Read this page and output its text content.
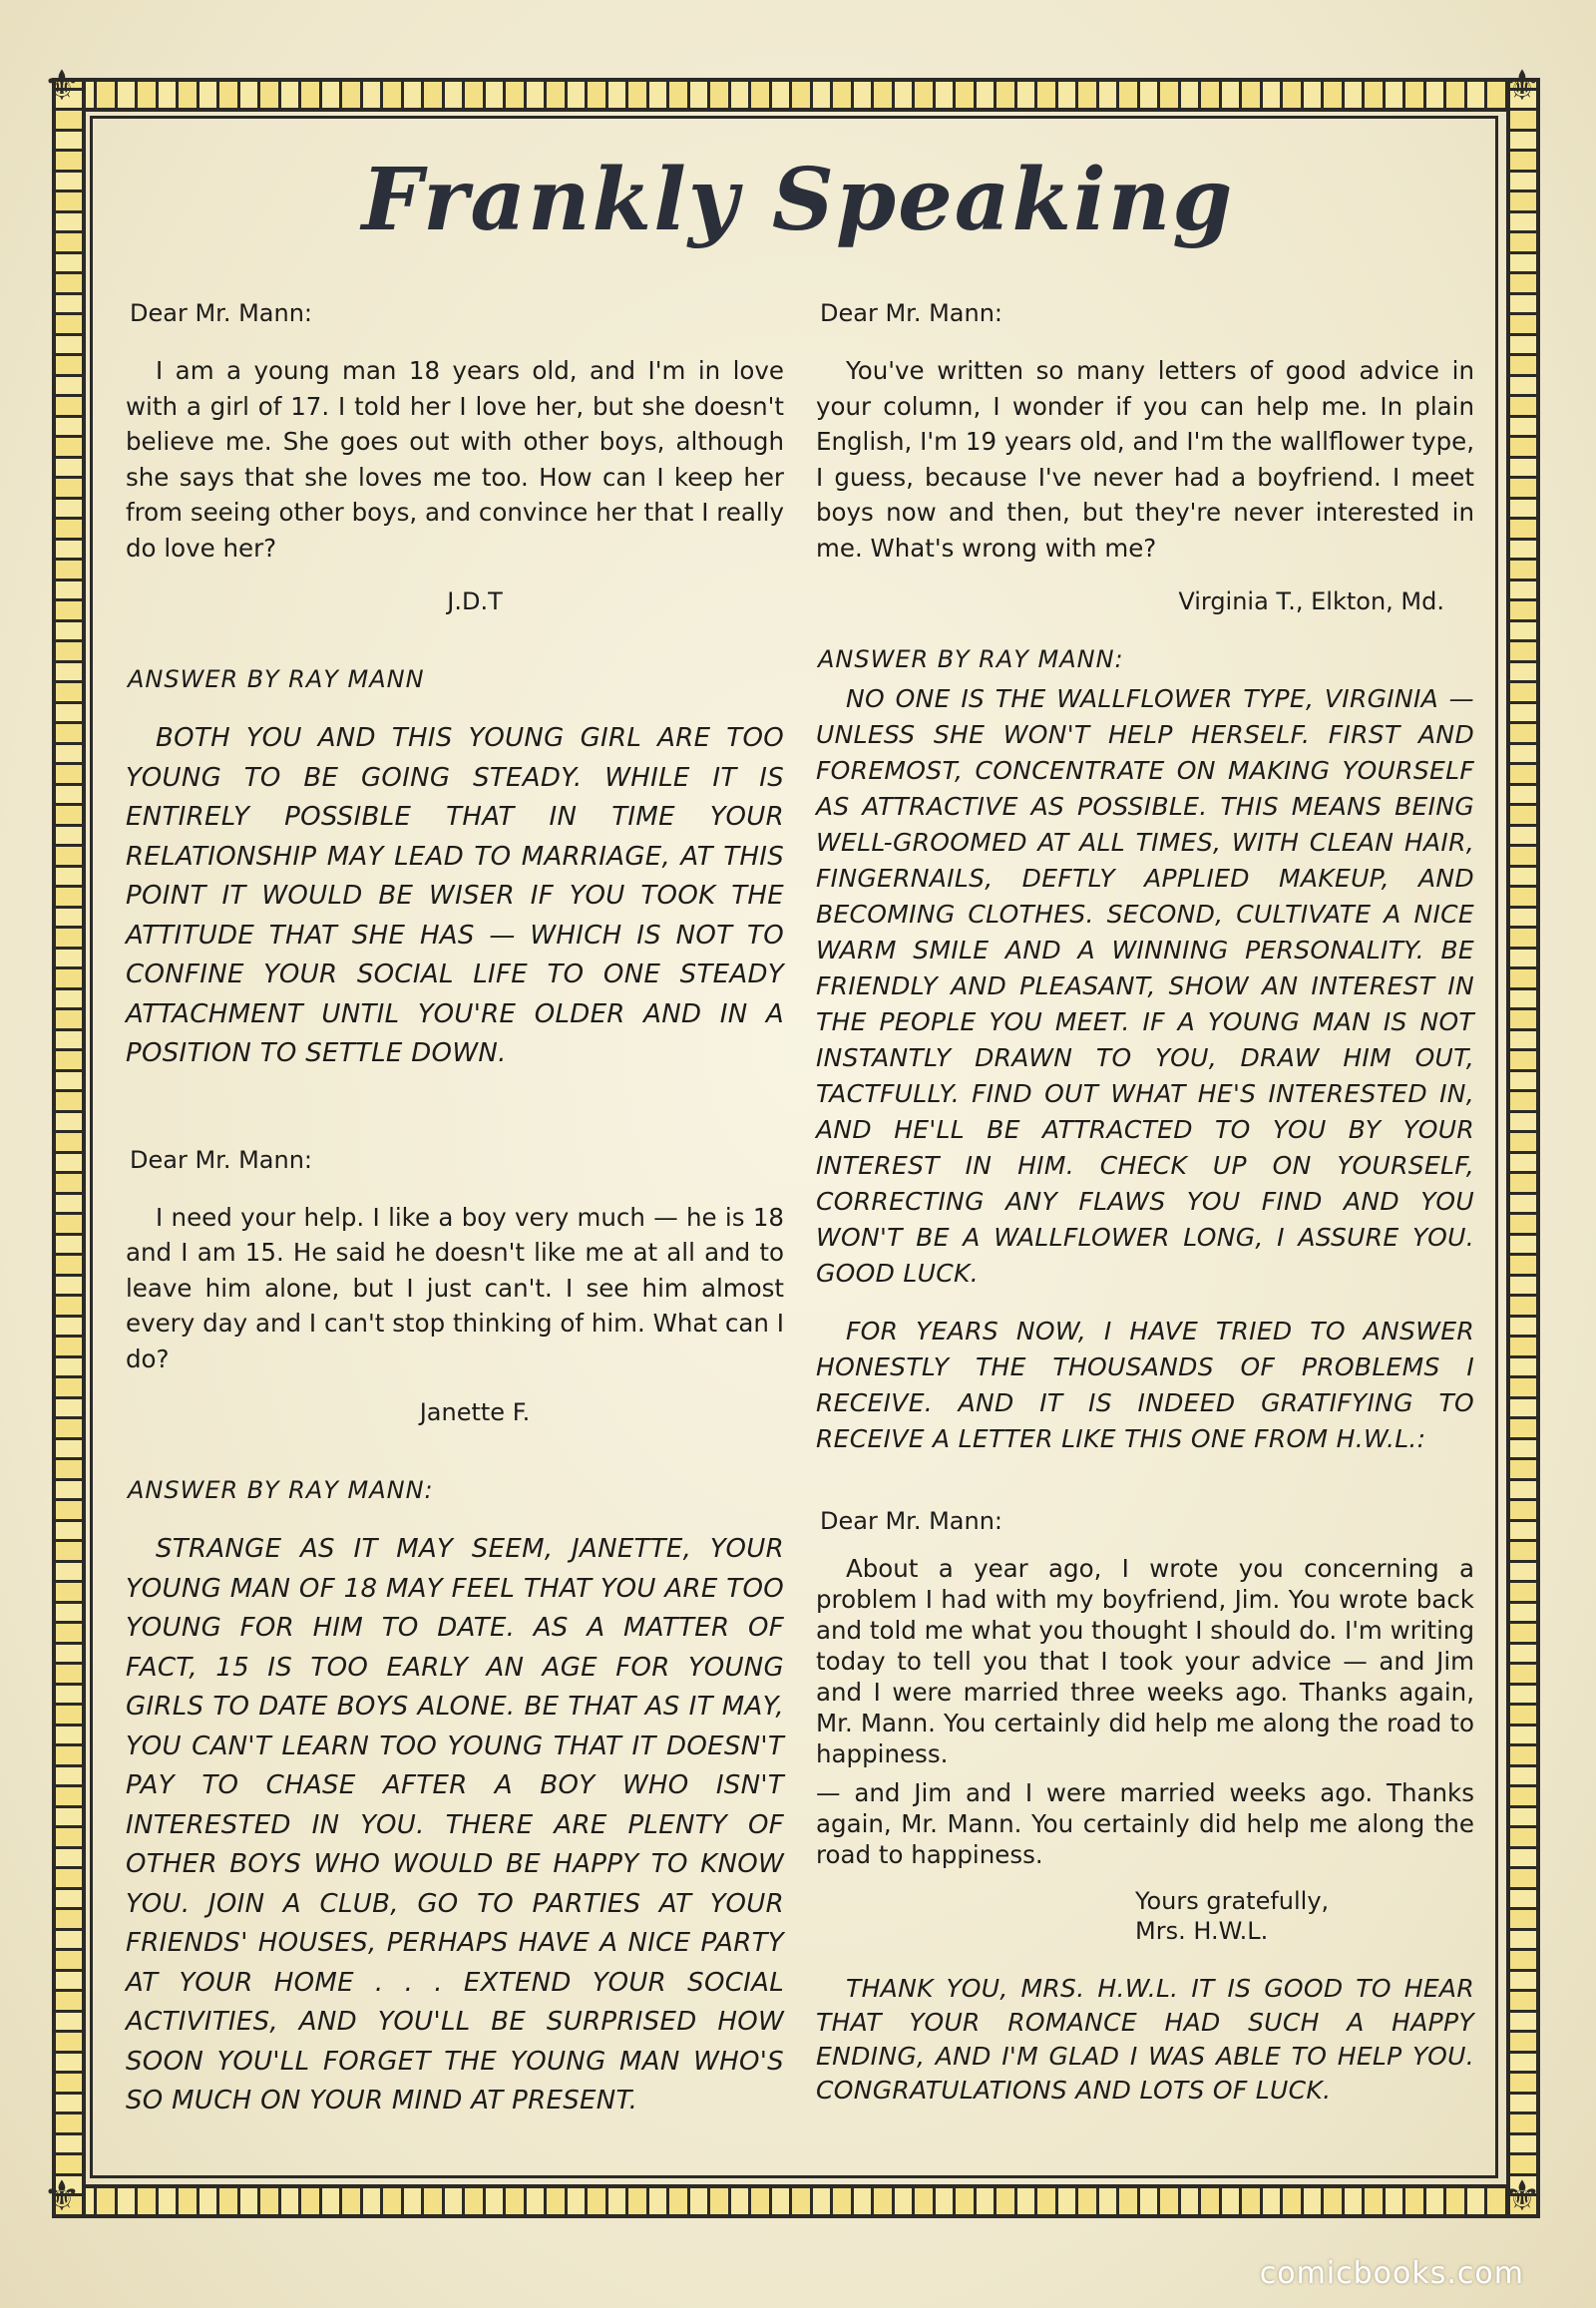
⚜	⚜
⚜	⚜
Frankly Speaking

Dear Mr. Mann:

I am a young man 18 years old, and I'm in love with a girl of 17. I told her I love her, but she doesn't believe me. She goes out with other boys, although she says that she loves me too. How can I keep her from seeing other boys, and convince her that I really do love her?

J.D.T

ANSWER BY RAY MANN

BOTH YOU AND THIS YOUNG GIRL ARE TOO YOUNG TO BE GOING STEADY. WHILE IT IS ENTIRELY POSSIBLE THAT IN TIME YOUR RELATIONSHIP MAY LEAD TO MARRIAGE, AT THIS POINT IT WOULD BE WISER IF YOU TOOK THE ATTITUDE THAT SHE HAS — WHICH IS NOT TO CONFINE YOUR SOCIAL LIFE TO ONE STEADY ATTACHMENT UNTIL YOU'RE OLDER AND IN A POSITION TO SETTLE DOWN.

Dear Mr. Mann:

I need your help. I like a boy very much — he is 18 and I am 15. He said he doesn't like me at all and to leave him alone, but I just can't. I see him almost every day and I can't stop thinking of him. What can I do?

Janette F.

ANSWER BY RAY MANN:

STRANGE AS IT MAY SEEM, JANETTE, YOUR YOUNG MAN OF 18 MAY FEEL THAT YOU ARE TOO YOUNG FOR HIM TO DATE. AS A MATTER OF FACT, 15 IS TOO EARLY AN AGE FOR YOUNG GIRLS TO DATE BOYS ALONE. BE THAT AS IT MAY, YOU CAN'T LEARN TOO YOUNG THAT IT DOESN'T PAY TO CHASE AFTER A BOY WHO ISN'T INTERESTED IN YOU. THERE ARE PLENTY OF OTHER BOYS WHO WOULD BE HAPPY TO KNOW YOU. JOIN A CLUB, GO TO PARTIES AT YOUR FRIENDS' HOUSES, PERHAPS HAVE A NICE PARTY AT YOUR HOME . . . EXTEND YOUR SOCIAL ACTIVITIES, AND YOU'LL BE SURPRISED HOW SOON YOU'LL FORGET THE YOUNG MAN WHO'S SO MUCH ON YOUR MIND AT PRESENT.

Dear Mr. Mann:

You've written so many letters of good advice in your column, I wonder if you can help me. In plain English, I'm 19 years old, and I'm the wallflower type, I guess, because I've never had a boyfriend. I meet boys now and then, but they're never interested in me. What's wrong with me?

Virginia T., Elkton, Md.

ANSWER BY RAY MANN:

NO ONE IS THE WALLFLOWER TYPE, VIRGINIA — UNLESS SHE WON'T HELP HERSELF. FIRST AND FOREMOST, CONCENTRATE ON MAKING YOURSELF AS ATTRACTIVE AS POSSIBLE. THIS MEANS BEING WELL-GROOMED AT ALL TIMES, WITH CLEAN HAIR, FINGERNAILS, DEFTLY APPLIED MAKEUP, AND BECOMING CLOTHES. SECOND, CULTIVATE A NICE WARM SMILE AND A WINNING PERSONALITY. BE FRIENDLY AND PLEASANT, SHOW AN INTEREST IN THE PEOPLE YOU MEET. IF A YOUNG MAN IS NOT INSTANTLY DRAWN TO YOU, DRAW HIM OUT, TACTFULLY. FIND OUT WHAT HE'S INTERESTED IN, AND HE'LL BE ATTRACTED TO YOU BY YOUR INTEREST IN HIM. CHECK UP ON YOURSELF, CORRECTING ANY FLAWS YOU FIND AND YOU WON'T BE A WALLFLOWER LONG, I ASSURE YOU. GOOD LUCK.

FOR YEARS NOW, I HAVE TRIED TO ANSWER HONESTLY THE THOUSANDS OF PROBLEMS I RECEIVE. AND IT IS INDEED GRATIFYING TO RECEIVE A LETTER LIKE THIS ONE FROM H.W.L.:

Dear Mr. Mann:

About a year ago, I wrote you concerning a problem I had with my boyfriend, Jim. You wrote back and told me what you thought I should do. I'm writing today to tell you that I took your advice — and Jim and I were married three weeks ago. Thanks again, Mr. Mann. You certainly did help me along the road to happiness.

— and Jim and I were married weeks ago. Thanks again, Mr. Mann. You certainly did help me along the road to happiness.

Yours gratefully,

Mrs. H.W.L.

THANK YOU, MRS. H.W.L. IT IS GOOD TO HEAR THAT YOUR ROMANCE HAD SUCH A HAPPY ENDING, AND I'M GLAD I WAS ABLE TO HELP YOU. CONGRATULATIONS AND LOTS OF LUCK.

comicbooks.com
